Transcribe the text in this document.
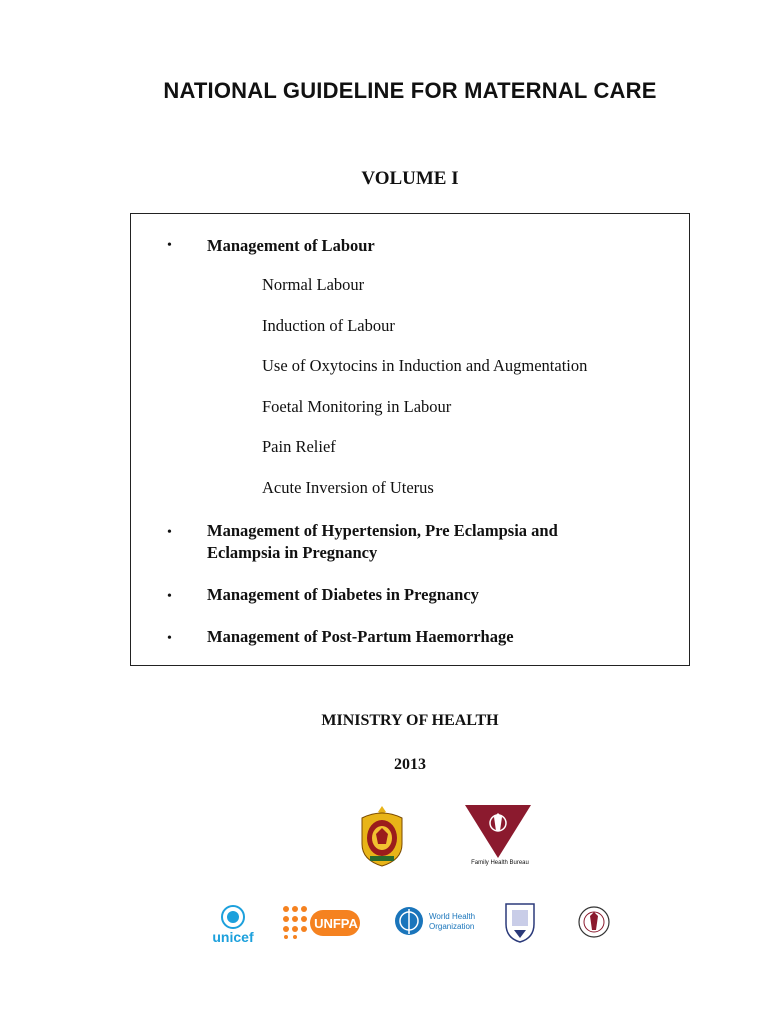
NATIONAL GUIDELINE FOR MATERNAL CARE
VOLUME I
• Management of Labour
Normal Labour
Induction of Labour
Use of Oxytocins in Induction and Augmentation
Foetal Monitoring in Labour
Pain Relief
Acute Inversion of Uterus
• Management of Hypertension, Pre Eclampsia and
Eclampsia in Pregnancy
• Management of Diabetes in Pregnancy
• Management of Post-Partum Haemorrhage
MINISTRY OF HEALTH
2013
Family Health Bureau
unicef
UNFPA	World Health
Organization
